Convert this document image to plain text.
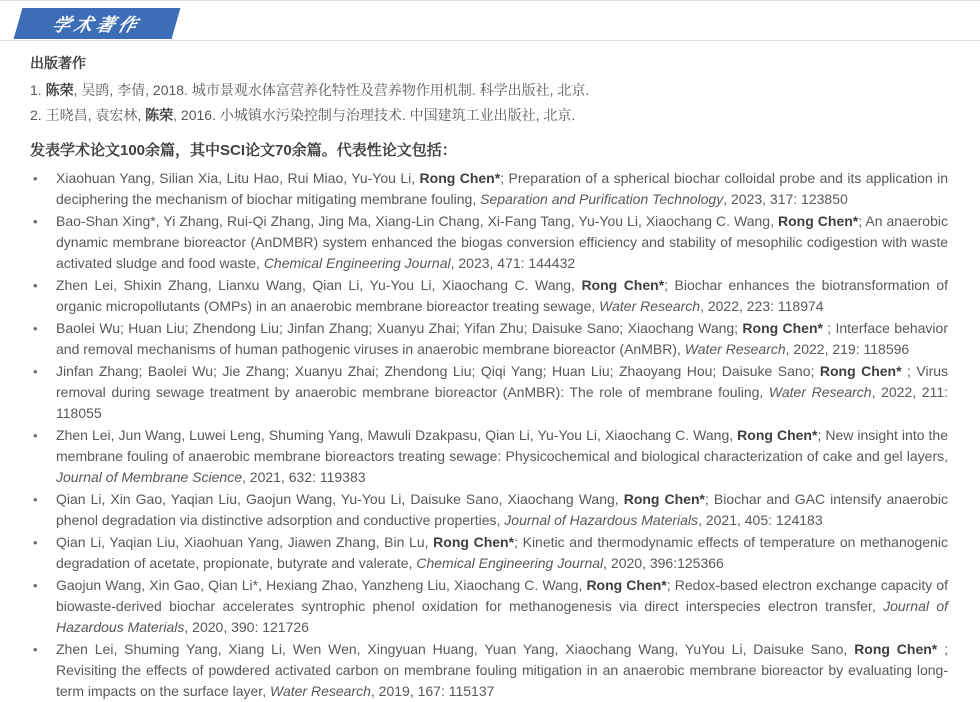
学术著作
出版著作
1. 陈荣, 吴鹍, 李倩, 2018. 城市景观水体富营养化特性及营养物作用机制. 科学出版社, 北京.
2. 王晓昌, 袁宏林, 陈荣, 2016. 小城镇水污染控制与治理技术. 中国建筑工业出版社, 北京.
发表学术论文100余篇，其中SCI论文70余篇。代表性论文包括：
•	Xiaohuan Yang, Silian Xia, Litu Hao, Rui Miao, Yu-You Li, Rong Chen*; Preparation of a spherical biochar colloidal probe and its application in deciphering the mechanism of biochar mitigating membrane fouling, Separation and Purification Technology, 2023, 317: 123850
•	Bao-Shan Xing*, Yi Zhang, Rui-Qi Zhang, Jing Ma, Xiang-Lin Chang, Xi-Fang Tang, Yu-You Li, Xiaochang C. Wang, Rong Chen*; An anaerobic dynamic membrane bioreactor (AnDMBR) system enhanced the biogas conversion efficiency and stability of mesophilic codigestion with waste activated sludge and food waste, Chemical Engineering Journal, 2023, 471: 144432
•	Zhen Lei, Shixin Zhang, Lianxu Wang, Qian Li, Yu-You Li, Xiaochang C. Wang, Rong Chen*; Biochar enhances the biotransformation of organic micropollutants (OMPs) in an anaerobic membrane bioreactor treating sewage, Water Research, 2022, 223: 118974
•	Baolei Wu; Huan Liu; Zhendong Liu; Jinfan Zhang; Xuanyu Zhai; Yifan Zhu; Daisuke Sano; Xiaochang Wang; Rong Chen* ; Interface behavior and removal mechanisms of human pathogenic viruses in anaerobic membrane bioreactor (AnMBR), Water Research, 2022, 219: 118596
•	Jinfan Zhang; Baolei Wu; Jie Zhang; Xuanyu Zhai; Zhendong Liu; Qiqi Yang; Huan Liu; Zhaoyang Hou; Daisuke Sano; Rong Chen* ; Virus removal during sewage treatment by anaerobic membrane bioreactor (AnMBR): The role of membrane fouling, Water Research, 2022, 211: 118055
•	Zhen Lei, Jun Wang, Luwei Leng, Shuming Yang, Mawuli Dzakpasu, Qian Li, Yu-You Li, Xiaochang C. Wang, Rong Chen*; New insight into the membrane fouling of anaerobic membrane bioreactors treating sewage: Physicochemical and biological characterization of cake and gel layers, Journal of Membrane Science, 2021, 632: 119383
•	Qian Li, Xin Gao, Yaqian Liu, Gaojun Wang, Yu-You Li, Daisuke Sano, Xiaochang Wang, Rong Chen*; Biochar and GAC intensify anaerobic phenol degradation via distinctive adsorption and conductive properties, Journal of Hazardous Materials, 2021, 405: 124183
•	Qian Li, Yaqian Liu, Xiaohuan Yang, Jiawen Zhang, Bin Lu, Rong Chen*; Kinetic and thermodynamic effects of temperature on methanogenic degradation of acetate, propionate, butyrate and valerate, Chemical Engineering Journal, 2020, 396:125366
•	Gaojun Wang, Xin Gao, Qian Li*, Hexiang Zhao, Yanzheng Liu, Xiaochang C. Wang, Rong Chen*; Redox-based electron exchange capacity of biowaste-derived biochar accelerates syntrophic phenol oxidation for methanogenesis via direct interspecies electron transfer, Journal of Hazardous Materials, 2020, 390: 121726
•	Zhen Lei, Shuming Yang, Xiang Li, Wen Wen, Xingyuan Huang, Yuan Yang, Xiaochang Wang, YuYou Li, Daisuke Sano, Rong Chen* ; Revisiting the effects of powdered activated carbon on membrane fouling mitigation in an anaerobic membrane bioreactor by evaluating long-term impacts on the surface layer, Water Research, 2019, 167: 115137
